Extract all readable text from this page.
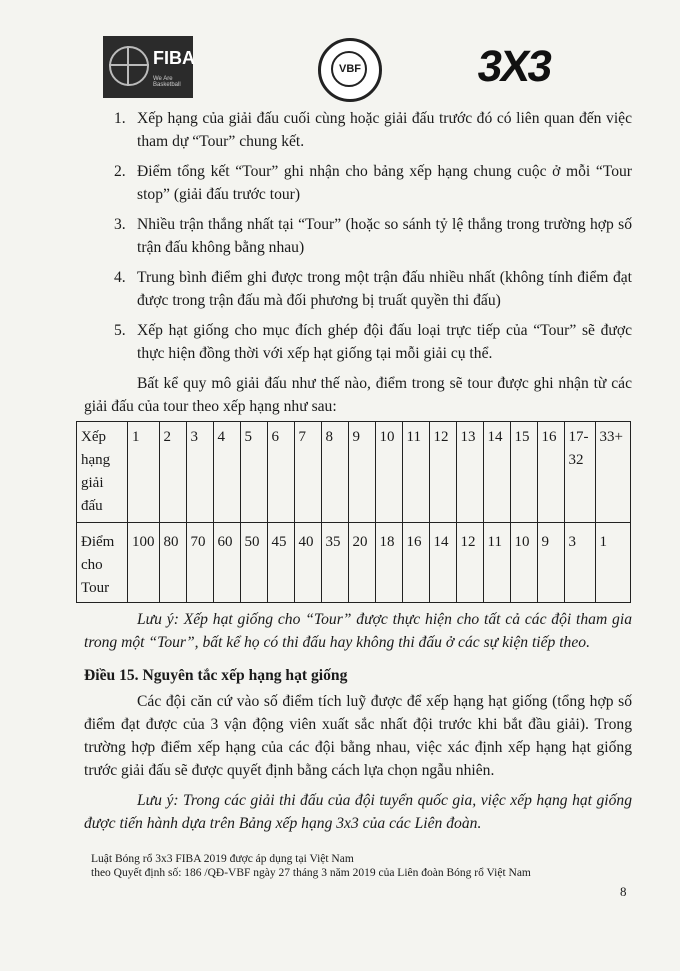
FIBA
We Are Basketball
VBF	3X3
1. Xếp hạng của giải đấu cuối cùng hoặc giải đấu trước đó có liên quan đến việc tham dự “Tour” chung kết.
2. Điểm tổng kết “Tour” ghi nhận cho bảng xếp hạng chung cuộc ở mỗi “Tour stop” (giải đấu trước tour)
3. Nhiều trận thắng nhất tại “Tour” (hoặc so sánh tỷ lệ thắng trong trường hợp số trận đấu không bằng nhau)
4. Trung bình điểm ghi được trong một trận đấu nhiều nhất (không tính điểm đạt được trong trận đấu mà đối phương bị truất quyền thi đấu)
5. Xếp hạt giống cho mục đích ghép đội đấu loại trực tiếp của “Tour” sẽ được thực hiện đồng thời với xếp hạt giống tại mỗi giải cụ thể.

Bất kể quy mô giải đấu như thế nào, điểm trong sẽ tour được ghi nhận từ các giải đấu của tour theo xếp hạng như sau:

Xếp hạng giải đấu	1	2	3	4	5	6	7	8	9	10	11	12	13	14	15	16	17-32	33+
Điểm cho Tour	100	80	70	60	50	45	40	35	20	18	16	14	12	11	10	9	3	1

Lưu ý: Xếp hạt giống cho “Tour” được thực hiện cho tất cả các đội tham gia trong một “Tour”, bất kể họ có thi đấu hay không thi đấu ở các sự kiện tiếp theo.

Điều 15. Nguyên tắc xếp hạng hạt giống

Các đội căn cứ vào số điểm tích luỹ được để xếp hạng hạt giống (tổng hợp số điểm đạt được của 3 vận động viên xuất sắc nhất đội trước khi bắt đầu giải). Trong trường hợp điểm xếp hạng của các đội bằng nhau, việc xác định xếp hạng hạt giống trước giải đấu sẽ được quyết định bằng cách lựa chọn ngẫu nhiên.

Lưu ý: Trong các giải thi đấu của đội tuyển quốc gia, việc xếp hạng hạt giống được tiến hành dựa trên Bảng xếp hạng 3x3 của các Liên đoàn.

Luật Bóng rổ 3x3 FIBA 2019 được áp dụng tại Việt Nam
theo Quyết định số: 186 /QĐ-VBF ngày 27 tháng 3 năm 2019 của Liên đoàn Bóng rổ Việt Nam
8
